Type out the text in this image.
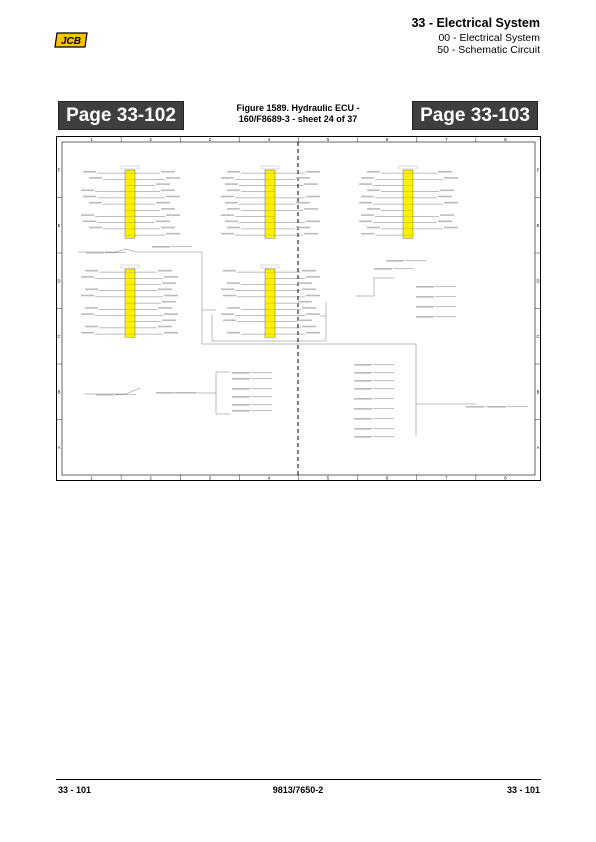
JCB
33 - Electrical System
00 - Electrical System
50 - Schematic Circuit
Page 33-102	Figure 1589. Hydraulic ECU -
160/F8689-3 - sheet 24 of 37	Page 33-103
1
1
2
2
3
3
4
4
5
5
6
6
7
7
8
8
F	F
E	E
D	D
C	C
B	B
A	A
33 - 101	9813/7650-2	33 - 101
